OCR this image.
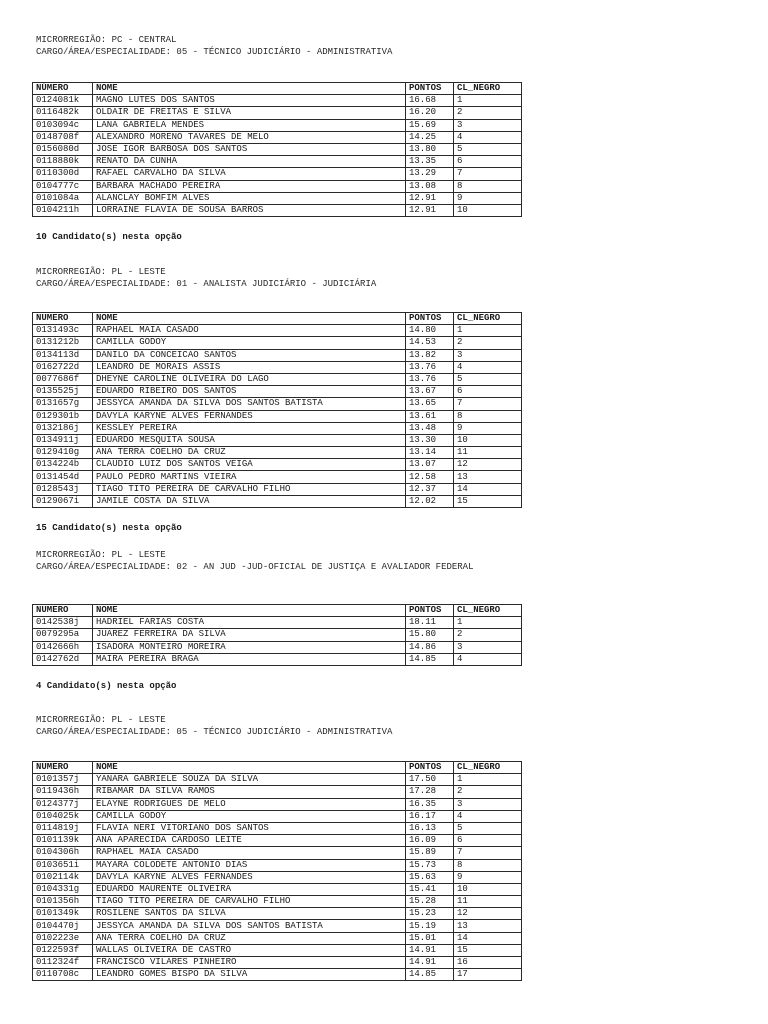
MICRORREGIÃO: PC - CENTRAL
CARGO/ÁREA/ESPECIALIDADE: 05 - TÉCNICO JUDICIÁRIO - ADMINISTRATIVA
NÚMERO	NOME	PONTOS	CL_NEGRO
0124081k	MAGNO LUTES DOS SANTOS	16.68	1
0116482k	OLDAIR DE FREITAS E SILVA	16.20	2
0103094c	LANA GABRIELA MENDES	15.69	3
0148708f	ALEXANDRO MORENO TAVARES DE MELO	14.25	4
0156080d	JOSE IGOR BARBOSA DOS SANTOS	13.80	5
0118880k	RENATO DA CUNHA	13.35	6
0110300d	RAFAEL CARVALHO DA SILVA	13.29	7
0104777c	BARBARA MACHADO PEREIRA	13.08	8
0101084a	ALANCLAY BOMFIM ALVES	12.91	9
0104211h	LORRAINE FLAVIA DE SOUSA BARROS	12.91	10
10 Candidato(s) nesta opção
MICRORREGIÃO: PL - LESTE
CARGO/ÁREA/ESPECIALIDADE: 01 - ANALISTA JUDICIÁRIO - JUDICIÁRIA
NUMERO	NOME	PONTOS	CL_NEGRO
0131493c	RAPHAEL MAIA CASADO	14.80	1
0131212b	CAMILLA GODOY	14.53	2
0134113d	DANILO DA CONCEICAO SANTOS	13.82	3
0162722d	LEANDRO DE MORAIS ASSIS	13.76	4
0077686f	DHEYNE CAROLINE OLIVEIRA DO LAGO	13.76	5
0135525j	EDUARDO RIBEIRO DOS SANTOS	13.67	6
0131657g	JESSYCA AMANDA DA SILVA DOS SANTOS BATISTA	13.65	7
0129301b	DAVYLA KARYNE ALVES FERNANDES	13.61	8
0132186j	KESSLEY PEREIRA	13.48	9
0134911j	EDUARDO MESQUITA SOUSA	13.30	10
0129410g	ANA TERRA COELHO DA CRUZ	13.14	11
0134224b	CLAUDIO LUIZ DOS SANTOS VEIGA	13.07	12
0131454d	PAULO PEDRO MARTINS VIEIRA	12.58	13
0128543j	TIAGO TITO PEREIRA DE CARVALHO FILHO	12.37	14
0129067i	JAMILE COSTA DA SILVA	12.02	15
15 Candidato(s) nesta opção
MICRORREGIÃO: PL - LESTE
CARGO/ÁREA/ESPECIALIDADE: 02 - AN JUD -JUD-OFICIAL DE JUSTIÇA E AVALIADOR FEDERAL
NUMERO	NOME	PONTOS	CL_NEGRO
0142538j	HADRIEL FARIAS COSTA	18.11	1
0079295a	JUAREZ FERREIRA DA SILVA	15.80	2
0142666h	ISADORA MONTEIRO MOREIRA	14.86	3
0142762d	MAIRA PEREIRA BRAGA	14.85	4
4 Candidato(s) nesta opção
MICRORREGIÃO: PL - LESTE
CARGO/ÁREA/ESPECIALIDADE: 05 - TÉCNICO JUDICIÁRIO - ADMINISTRATIVA
NUMERO	NOME	PONTOS	CL_NEGRO
0101357j	YANARA GABRIELE SOUZA DA SILVA	17.50	1
0119436h	RIBAMAR DA SILVA RAMOS	17.28	2
0124377j	ELAYNE RODRIGUES DE MELO	16.35	3
0104025k	CAMILLA GODOY	16.17	4
0114819j	FLAVIA NERI VITORIANO DOS SANTOS	16.13	5
0101139k	ANA APARECIDA CARDOSO LEITE	16.09	6
0104306h	RAPHAEL MAIA CASADO	15.89	7
0103651i	MAYARA COLODETE ANTONIO DIAS	15.73	8
0102114k	DAVYLA KARYNE ALVES FERNANDES	15.63	9
0104331g	EDUARDO MAURENTE OLIVEIRA	15.41	10
0101356h	TIAGO TITO PEREIRA DE CARVALHO FILHO	15.28	11
0101349k	ROSILENE SANTOS DA SILVA	15.23	12
0104470j	JESSYCA AMANDA DA SILVA DOS SANTOS BATISTA	15.19	13
0102223e	ANA TERRA COELHO DA CRUZ	15.01	14
0122593f	WALLAS OLIVEIRA DE CASTRO	14.91	15
0112324f	FRANCISCO VILARES PINHEIRO	14.91	16
0110708c	LEANDRO GOMES BISPO DA SILVA	14.85	17
